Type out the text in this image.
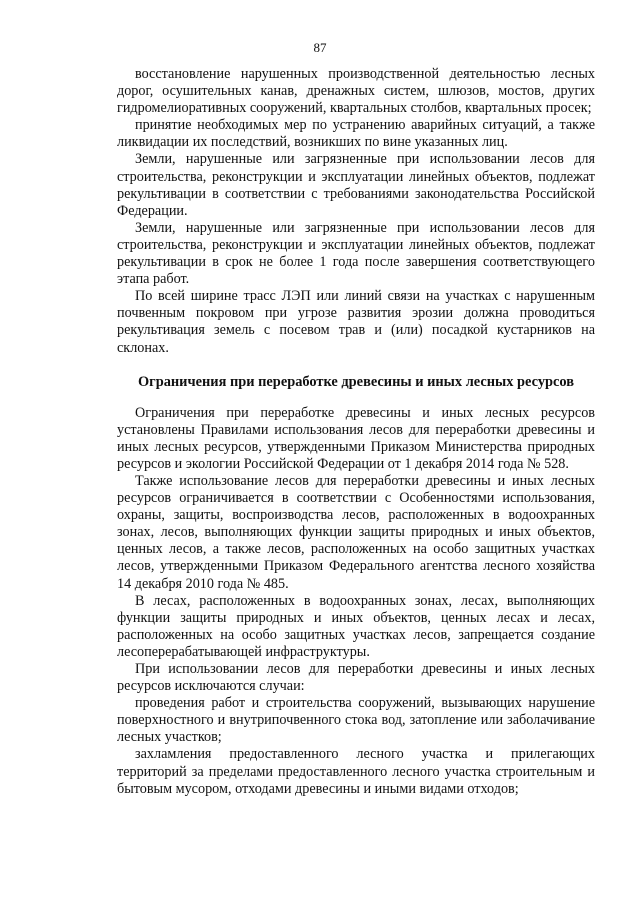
87

восстановление нарушенных производственной деятельностью лесных дорог, осушительных канав, дренажных систем, шлюзов, мостов, других гидромелиоративных сооружений, квартальных столбов, квартальных просек;

принятие необходимых мер по устранению аварийных ситуаций, а также ликвидации их последствий, возникших по вине указанных лиц.

Земли, нарушенные или загрязненные при использовании лесов для строительства, реконструкции и эксплуатации линейных объектов, подлежат рекультивации в соответствии с требованиями законодательства Российской Федерации.

Земли, нарушенные или загрязненные при использовании лесов для строительства, реконструкции и эксплуатации линейных объектов, подлежат рекультивации в срок не более 1 года после завершения соответствующего этапа работ.

По всей ширине трасс ЛЭП или линий связи на участках с нарушенным почвенным покровом при угрозе развития эрозии должна проводиться рекультивация земель с посевом трав и (или) посадкой кустарников на склонах.

Ограничения при переработке древесины и иных лесных ресурсов

Ограничения при переработке древесины и иных лесных ресурсов установлены Правилами использования лесов для переработки древесины и иных лесных ресурсов, утвержденными Приказом Министерства природных ресурсов и экологии Российской Федерации от 1 декабря 2014 года № 528.

Также использование лесов для переработки древесины и иных лесных ресурсов ограничивается в соответствии с Особенностями использования, охраны, защиты, воспроизводства лесов, расположенных в водоохранных зонах, лесов, выполняющих функции защиты природных и иных объектов, ценных лесов, а также лесов, расположенных на особо защитных участках лесов, утвержденными Приказом Федерального агентства лесного хозяйства 14 декабря 2010 года № 485.

В лесах, расположенных в водоохранных зонах, лесах, выполняющих функции защиты природных и иных объектов, ценных лесах и лесах, расположенных на особо защитных участках лесов, запрещается создание лесоперерабатывающей инфраструктуры.

При использовании лесов для переработки древесины и иных лесных ресурсов исключаются случаи:

проведения работ и строительства сооружений, вызывающих нарушение поверхностного и внутрипочвенного стока вод, затопление или заболачивание лесных участков;

захламления предоставленного лесного участка и прилегающих территорий за пределами предоставленного лесного участка строительным и бытовым мусором, отходами древесины и иными видами отходов;
